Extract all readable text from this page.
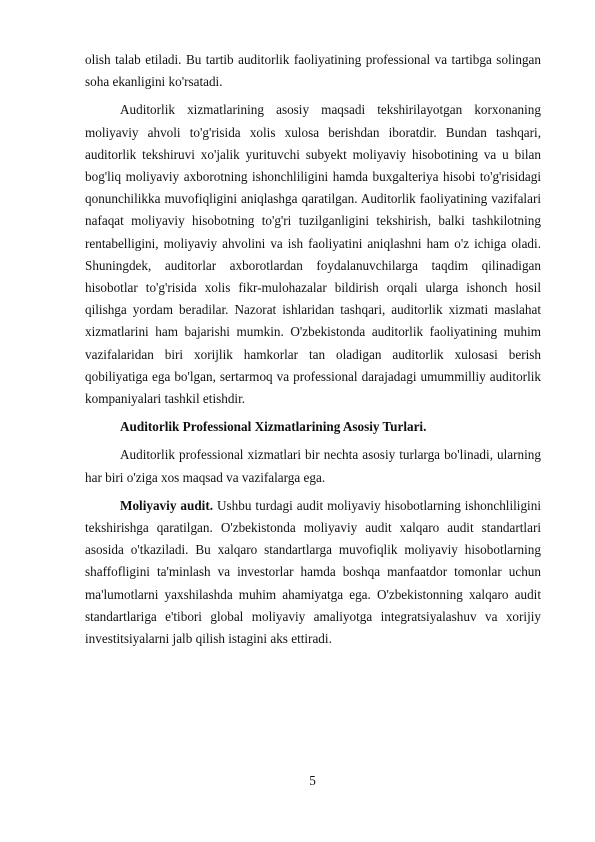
olish talab etiladi. Bu tartib auditorlik faoliyatining professional va tartibga solingan soha ekanligini ko'rsatadi.

Auditorlik xizmatlarining asosiy maqsadi tekshirilayotgan korxonaning moliyaviy ahvoli to'g'risida xolis xulosa berishdan iboratdir. Bundan tashqari, auditorlik tekshiruvi xo'jalik yurituvchi subyekt moliyaviy hisobotining va u bilan bog'liq moliyaviy axborotning ishonchliligini hamda buxgalteriya hisobi to'g'risidagi qonunchilikka muvofiqligini aniqlashga qaratilgan. Auditorlik faoliyatining vazifalari nafaqat moliyaviy hisobotning to'g'ri tuzilganligini tekshirish, balki tashkilotning rentabelligini, moliyaviy ahvolini va ish faoliyatini aniqlashni ham o'z ichiga oladi. Shuningdek, auditorlar axborotlardan foydalanuvchilarga taqdim qilinadigan hisobotlar to'g'risida xolis fikr-mulohazalar bildirish orqali ularga ishonch hosil qilishga yordam beradilar. Nazorat ishlaridan tashqari, auditorlik xizmati maslahat xizmatlarini ham bajarishi mumkin. O'zbekistonda auditorlik faoliyatining muhim vazifalaridan biri xorijlik hamkorlar tan oladigan auditorlik xulosasi berish qobiliyatiga ega bo'lgan, sertarmoq va professional darajadagi umummilliy auditorlik kompaniyalari tashkil etishdir.

Auditorlik Professional Xizmatlarining Asosiy Turlari.

Auditorlik professional xizmatlari bir nechta asosiy turlarga bo'linadi, ularning har biri o'ziga xos maqsad va vazifalarga ega.

Moliyaviy audit. Ushbu turdagi audit moliyaviy hisobotlarning ishonchliligini tekshirishga qaratilgan. O'zbekistonda moliyaviy audit xalqaro audit standartlari asosida o'tkaziladi. Bu xalqaro standartlarga muvofiqlik moliyaviy hisobotlarning shaffofligini ta'minlash va investorlar hamda boshqa manfaatdor tomonlar uchun ma'lumotlarni yaxshilashda muhim ahamiyatga ega. O'zbekistonning xalqaro audit standartlariga e'tibori global moliyaviy amaliyotga integratsiyalashuv va xorijiy investitsiyalarni jalb qilish istagini aks ettiradi.

5
